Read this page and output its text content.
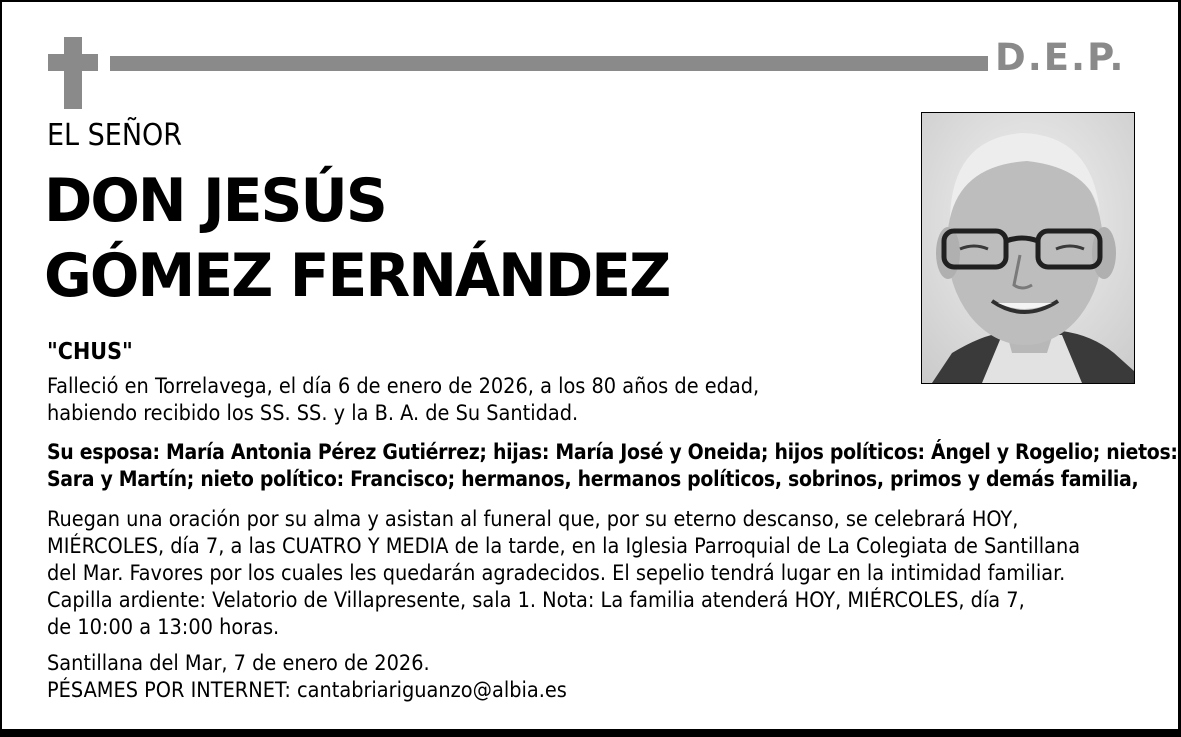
D.E.P.
EL SEÑOR
DON JESÚS
GÓMEZ FERNÁNDEZ
"CHUS"
Falleció en Torrelavega, el día 6 de enero de 2026, a los 80 años de edad,
habiendo recibido los SS. SS. y la B. A. de Su Santidad.
Su esposa: María Antonia Pérez Gutiérrez; hijas: María José y Oneida; hijos políticos: Ángel y Rogelio; nietos:
Sara y Martín; nieto político: Francisco; hermanos, hermanos políticos, sobrinos, primos y demás familia,
Ruegan una oración por su alma y asistan al funeral que, por su eterno descanso, se celebrará HOY,
MIÉRCOLES, día 7, a las CUATRO Y MEDIA de la tarde, en la Iglesia Parroquial de La Colegiata de Santillana
del Mar. Favores por los cuales les quedarán agradecidos. El sepelio tendrá lugar en la intimidad familiar.
Capilla ardiente: Velatorio de Villapresente, sala 1. Nota: La familia atenderá HOY, MIÉRCOLES, día 7,
de 10:00 a 13:00 horas.
Santillana del Mar, 7 de enero de 2026.
PÉSAMES POR INTERNET: cantabriariguanzo@albia.es
